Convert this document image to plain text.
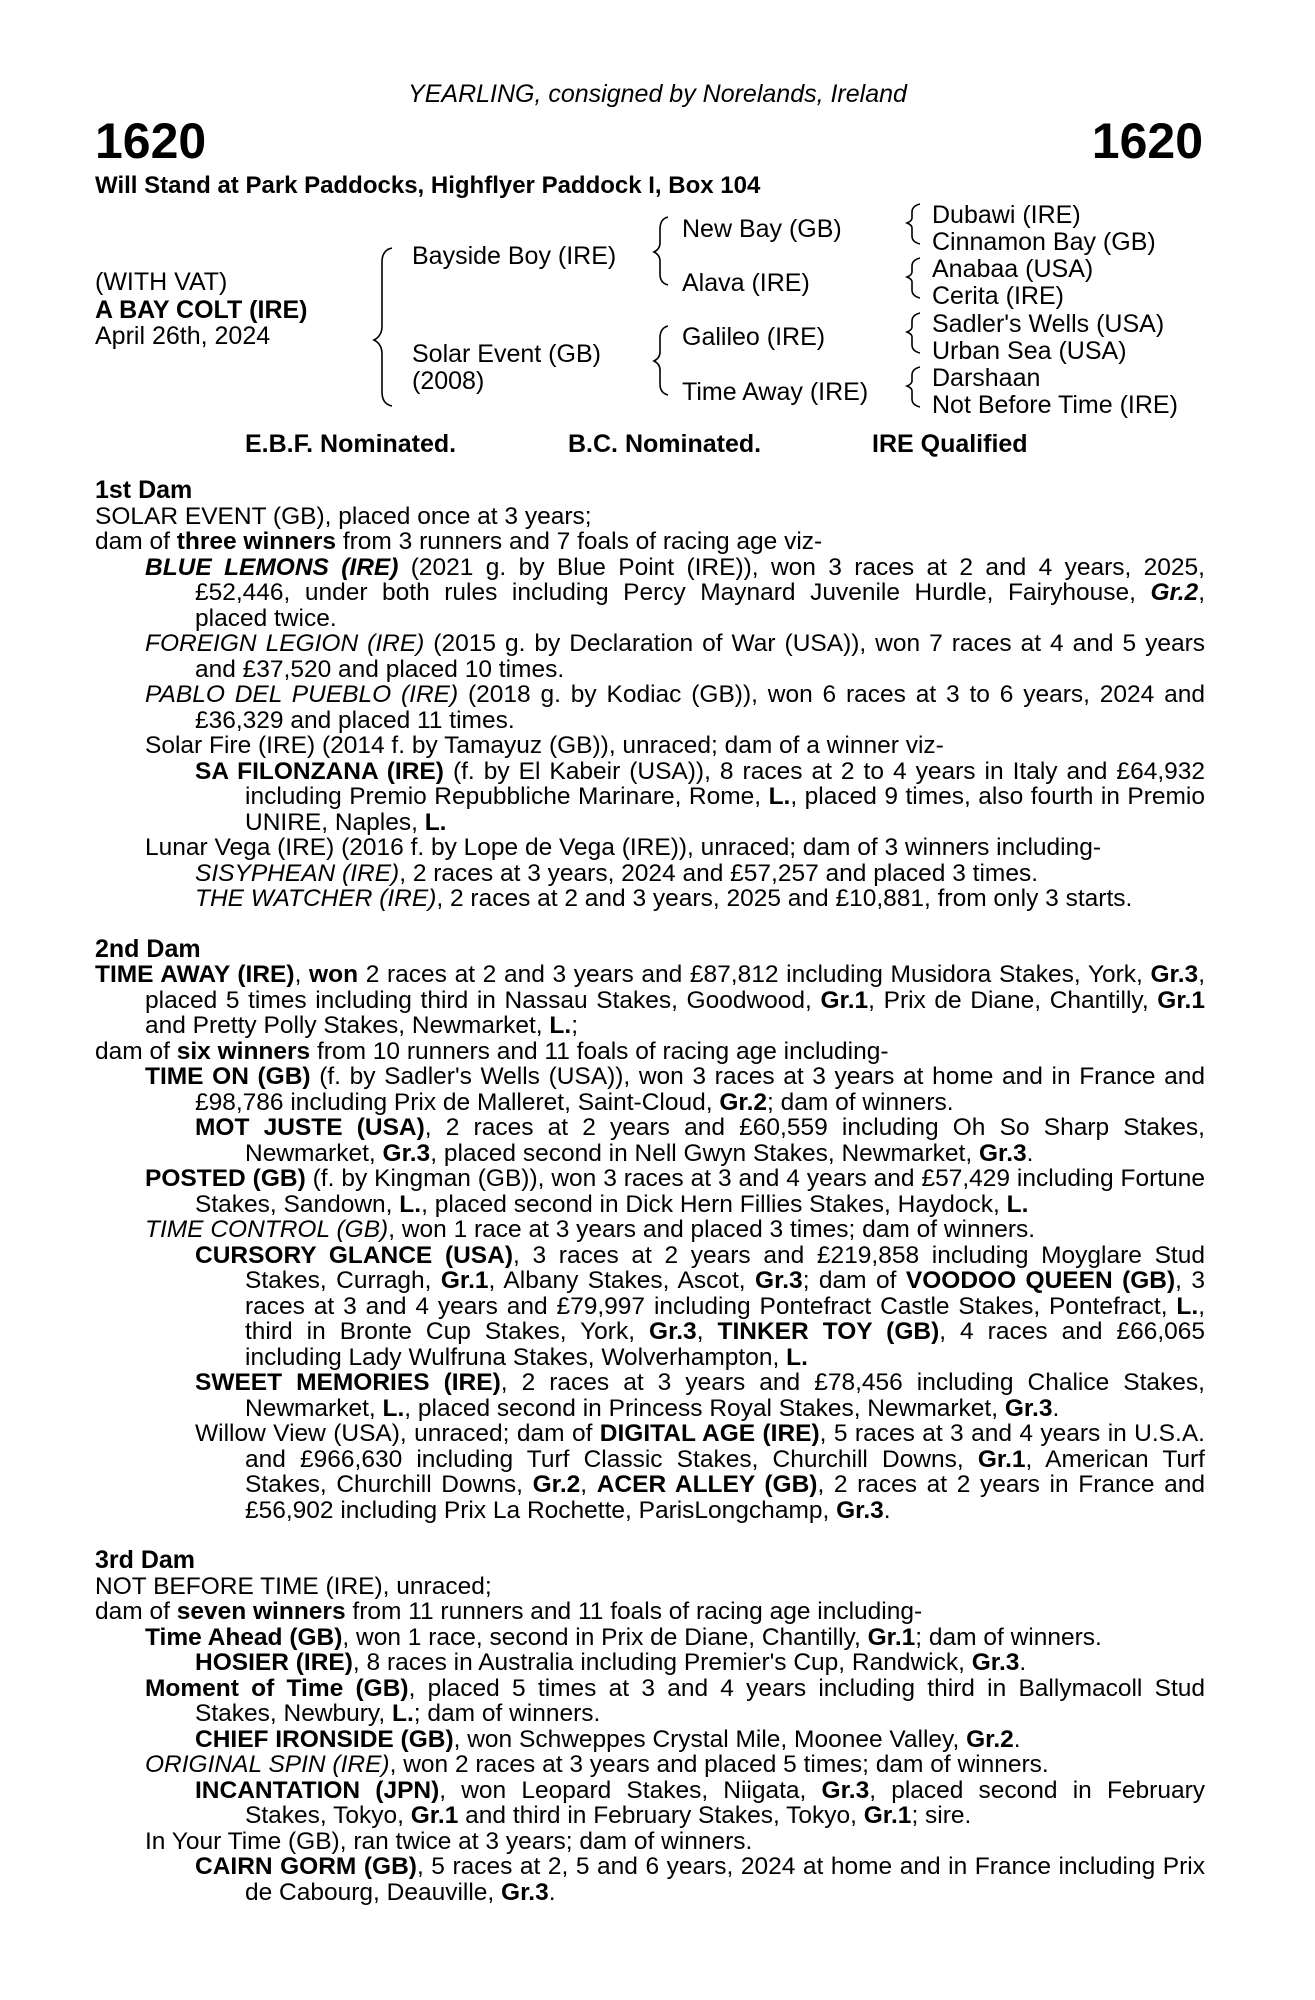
YEARLING, consigned by Norelands, Ireland
1620	1620
Will Stand at Park Paddocks, Highflyer Paddock I, Box 104
(WITH VAT)
A BAY COLT (IRE)
April 26th, 2024
Bayside Boy (IRE)
Solar Event (GB)
(2008)
New Bay (GB)
Alava (IRE)
Galileo (IRE)
Time Away (IRE)
Dubawi (IRE)
Cinnamon Bay (GB)
Anabaa (USA)
Cerita (IRE)
Sadler's Wells (USA)
Urban Sea (USA)
Darshaan
Not Before Time (IRE)
E.B.F. Nominated.	B.C. Nominated.	IRE Qualified
1st Dam
SOLAR EVENT (GB), placed once at 3 years;
dam of three winners from 3 runners and 7 foals of racing age viz-
BLUE LEMONS (IRE) (2021 g. by Blue Point (IRE)), won 3 races at 2 and 4 years, 2025, £52,446, under both rules including Percy Maynard Juvenile Hurdle, Fairyhouse, Gr.2, placed twice.
FOREIGN LEGION (IRE) (2015 g. by Declaration of War (USA)), won 7 races at 4 and 5 years and £37,520 and placed 10 times.
PABLO DEL PUEBLO (IRE) (2018 g. by Kodiac (GB)), won 6 races at 3 to 6 years, 2024 and £36,329 and placed 11 times.
Solar Fire (IRE) (2014 f. by Tamayuz (GB)), unraced; dam of a winner viz-
SA FILONZANA (IRE) (f. by El Kabeir (USA)), 8 races at 2 to 4 years in Italy and £64,932 including Premio Repubbliche Marinare, Rome, L., placed 9 times, also fourth in Premio UNIRE, Naples, L.
Lunar Vega (IRE) (2016 f. by Lope de Vega (IRE)), unraced; dam of 3 winners including-
SISYPHEAN (IRE), 2 races at 3 years, 2024 and £57,257 and placed 3 times.
THE WATCHER (IRE), 2 races at 2 and 3 years, 2025 and £10,881, from only 3 starts.
2nd Dam
TIME AWAY (IRE), won 2 races at 2 and 3 years and £87,812 including Musidora Stakes, York, Gr.3, placed 5 times including third in Nassau Stakes, Goodwood, Gr.1, Prix de Diane, Chantilly, Gr.1 and Pretty Polly Stakes, Newmarket, L.;
dam of six winners from 10 runners and 11 foals of racing age including-
TIME ON (GB) (f. by Sadler's Wells (USA)), won 3 races at 3 years at home and in France and £98,786 including Prix de Malleret, Saint-Cloud, Gr.2; dam of winners.
MOT JUSTE (USA), 2 races at 2 years and £60,559 including Oh So Sharp Stakes, Newmarket, Gr.3, placed second in Nell Gwyn Stakes, Newmarket, Gr.3.
POSTED (GB) (f. by Kingman (GB)), won 3 races at 3 and 4 years and £57,429 including Fortune Stakes, Sandown, L., placed second in Dick Hern Fillies Stakes, Haydock, L.
TIME CONTROL (GB), won 1 race at 3 years and placed 3 times; dam of winners.
CURSORY GLANCE (USA), 3 races at 2 years and £219,858 including Moyglare Stud Stakes, Curragh, Gr.1, Albany Stakes, Ascot, Gr.3; dam of VOODOO QUEEN (GB), 3 races at 3 and 4 years and £79,997 including Pontefract Castle Stakes, Pontefract, L., third in Bronte Cup Stakes, York, Gr.3, TINKER TOY (GB), 4 races and £66,065 including Lady Wulfruna Stakes, Wolverhampton, L.
SWEET MEMORIES (IRE), 2 races at 3 years and £78,456 including Chalice Stakes, Newmarket, L., placed second in Princess Royal Stakes, Newmarket, Gr.3.
Willow View (USA), unraced; dam of DIGITAL AGE (IRE), 5 races at 3 and 4 years in U.S.A. and £966,630 including Turf Classic Stakes, Churchill Downs, Gr.1, American Turf Stakes, Churchill Downs, Gr.2, ACER ALLEY (GB), 2 races at 2 years in France and £56,902 including Prix La Rochette, ParisLongchamp, Gr.3.
3rd Dam
NOT BEFORE TIME (IRE), unraced;
dam of seven winners from 11 runners and 11 foals of racing age including-
Time Ahead (GB), won 1 race, second in Prix de Diane, Chantilly, Gr.1; dam of winners.
HOSIER (IRE), 8 races in Australia including Premier's Cup, Randwick, Gr.3.
Moment of Time (GB), placed 5 times at 3 and 4 years including third in Ballymacoll Stud Stakes, Newbury, L.; dam of winners.
CHIEF IRONSIDE (GB), won Schweppes Crystal Mile, Moonee Valley, Gr.2.
ORIGINAL SPIN (IRE), won 2 races at 3 years and placed 5 times; dam of winners.
INCANTATION (JPN), won Leopard Stakes, Niigata, Gr.3, placed second in February Stakes, Tokyo, Gr.1 and third in February Stakes, Tokyo, Gr.1; sire.
In Your Time (GB), ran twice at 3 years; dam of winners.
CAIRN GORM (GB), 5 races at 2, 5 and 6 years, 2024 at home and in France including Prix de Cabourg, Deauville, Gr.3.
